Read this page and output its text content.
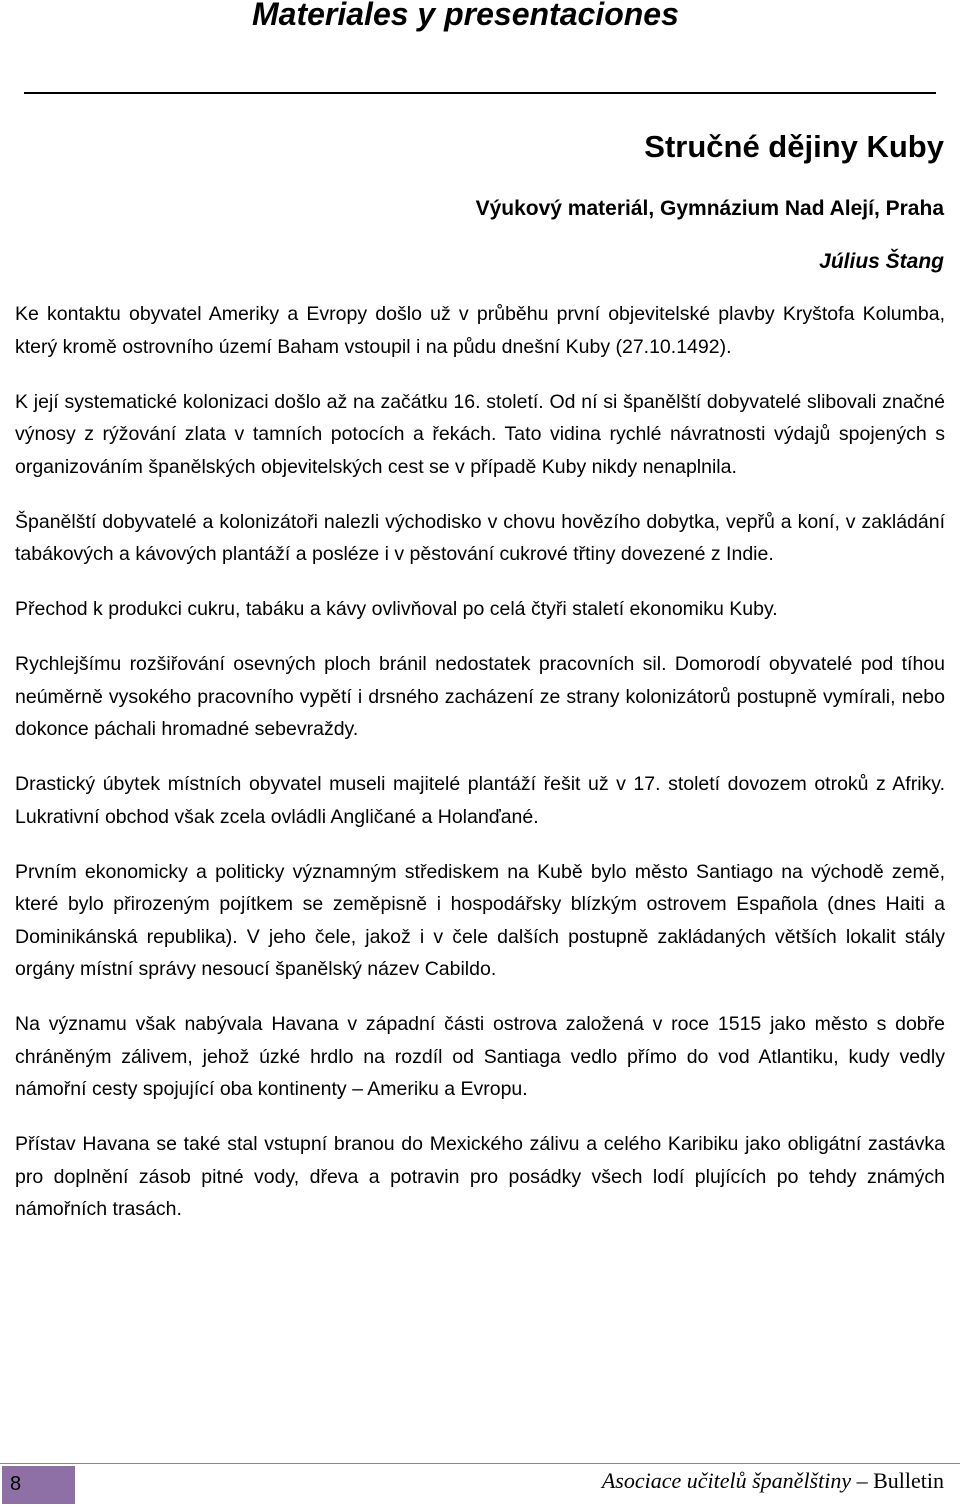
Materiales y presentaciones
Stručné dějiny Kuby
Výukový materiál, Gymnázium Nad Alejí, Praha
Július Štang

Ke kontaktu obyvatel Ameriky a Evropy došlo už v průběhu první objevitelské plavby Kryštofa Kolumba, který kromě ostrovního území Baham vstoupil i na půdu dnešní Kuby (27.10.1492).

K její systematické kolonizaci došlo až na začátku 16. století. Od ní si španělští dobyvatelé slibovali značné výnosy z rýžování zlata v tamních potocích a řekách. Tato vidina rychlé návratnosti výdajů spojených s organizováním španělských objevitelských cest se v případě Kuby nikdy nenaplnila.

Španělští dobyvatelé a kolonizátoři nalezli východisko v chovu hovězího dobytka, vepřů a koní, v zakládání tabákových a kávových plantáží a posléze i v pěstování cukrové třtiny dovezené z Indie.

Přechod k produkci cukru, tabáku a kávy ovlivňoval po celá čtyři staletí ekonomiku Kuby.

Rychlejšímu rozšiřování osevných ploch bránil nedostatek pracovních sil. Domorodí obyvatelé pod tíhou neúměrně vysokého pracovního vypětí i drsného zacházení ze strany kolonizátorů postupně vymírali, nebo dokonce páchali hromadné sebevraždy.

Drastický úbytek místních obyvatel museli majitelé plantáží řešit už v 17. století dovozem otroků z Afriky. Lukrativní obchod však zcela ovládli Angličané a Holanďané.

Prvním ekonomicky a politicky významným střediskem na Kubě bylo město Santiago na východě země, které bylo přirozeným pojítkem se zeměpisně i hospodářsky blízkým ostrovem Española (dnes Haiti a Dominikánská republika). V jeho čele, jakož i v čele dalších postupně zakládaných větších lokalit stály orgány místní správy nesoucí španělský název Cabildo.

Na významu však nabývala Havana v západní části ostrova založená v roce 1515 jako město s dobře chráněným zálivem, jehož úzké hrdlo na rozdíl od Santiaga vedlo přímo do vod Atlantiku, kudy vedly námořní cesty spojující oba kontinenty – Ameriku a Evropu.

Přístav Havana se také stal vstupní branou do Mexického zálivu a celého Karibiku jako obligátní zastávka pro doplnění zásob pitné vody, dřeva a potravin pro posádky všech lodí plujících po tehdy známých námořních trasách.

8	Asociace učitelů španělštiny – Bulletin
